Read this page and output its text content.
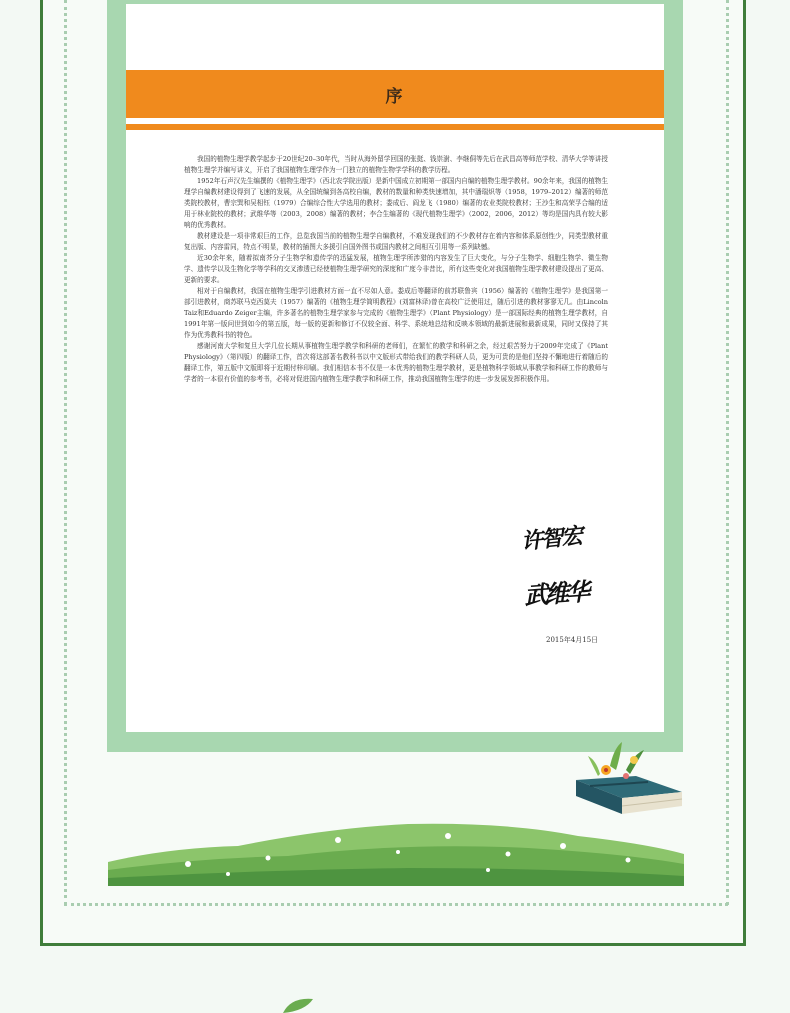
序

我国的植物生理学教学起步于20世纪20–30年代，当时从海外留学回国的张挺、钱崇澍、李继侗等先后在武昌高等师范学校、清华大学等讲授植物生理学并编写讲义，开启了我国植物生理学作为一门独立的植物生物学学科的教学历程。

1952年石声汉先生编撰的《植物生理学》（西北农学院出版）是新中国成立初期第一部国内自编的植物生理学教材。90余年来，我国的植物生理学自编教材建设得到了飞速的发展，从全国统编到各高校自编，教材的数量和种类快速增加，其中潘瑞炽等（1958，1979–2012）编著的师范类院校教材，曹宗巽和吴相钰（1979）合编综合性大学选用的教材；娄成后、阎龙飞（1980）编著的农业类院校教材；王沙生和高荣孚合编的适用于林业院校的教材；武维华等（2003，2008）编著的教材；李合生编著的《现代植物生理学》（2002，2006，2012）等均是国内具有较大影响的优秀教材。

教材建设是一项非常艰巨的工作，总览我国当前的植物生理学自编教材，不难发现我们的不少教材存在着内容和体系原创性少，同类型教材重复出版、内容雷同，特点不明显，教材的插图大多援引自国外图书或国内教材之间相互引用等一系列缺憾。

近30余年来，随着拟南芥分子生物学和遗传学的迅猛发展，植物生理学所涉猎的内容发生了巨大变化，与分子生物学、细胞生物学、微生物学、遗传学以及生物化学等学科的交叉渗透已经使植物生理学研究的深度和广度今非昔比，所有这些变化对我国植物生理学教材建设提出了更高、更新的要求。

相对于自编教材，我国在植物生理学引进教材方面一直不尽如人意。娄成后等翻译的前苏联鲁宾（1956）编著的《植物生理学》是我国第一部引进教材，商苏联马克西莫夫（1957）编著的《植物生理学简明教程》(刘富林译)曾在高校广泛使用过，随后引进的教材寥寥无几。由Lincoln Taiz和Eduardo Zeiger主编，许多著名的植物生理学家参与完成的《植物生理学》（Plant Physiology）是一部国际经典的植物生理学教材，自1991年第一版问世到如今的第五版，每一版的更新和修订不仅较全面、科学、系统地总结和反映本领域的最新进展和最新成果，同时又保持了其作为优秀教科书的特色。

感谢河南大学和复旦大学几位长期从事植物生理学教学和科研的老师们，在繁忙的教学和科研之余，经过艰苦努力于2009年完成了《Plant Physiology》（第四版）的翻译工作，首次将这部著名教科书以中文版形式带给我们的教学科研人员，更为可贵的是他们坚持不懈地进行着随后的翻译工作，第五版中文版即将于近期付梓印刷。我们相信本书不仅是一本优秀的植物生理学教材，更是植物科学领域从事教学和科研工作的教师与学者的一本很有价值的参考书，必将对促进国内植物生理学教学和科研工作，推动我国植物生理学的进一步发展发挥积极作用。

许智宏
武维华
2015年4月15日
